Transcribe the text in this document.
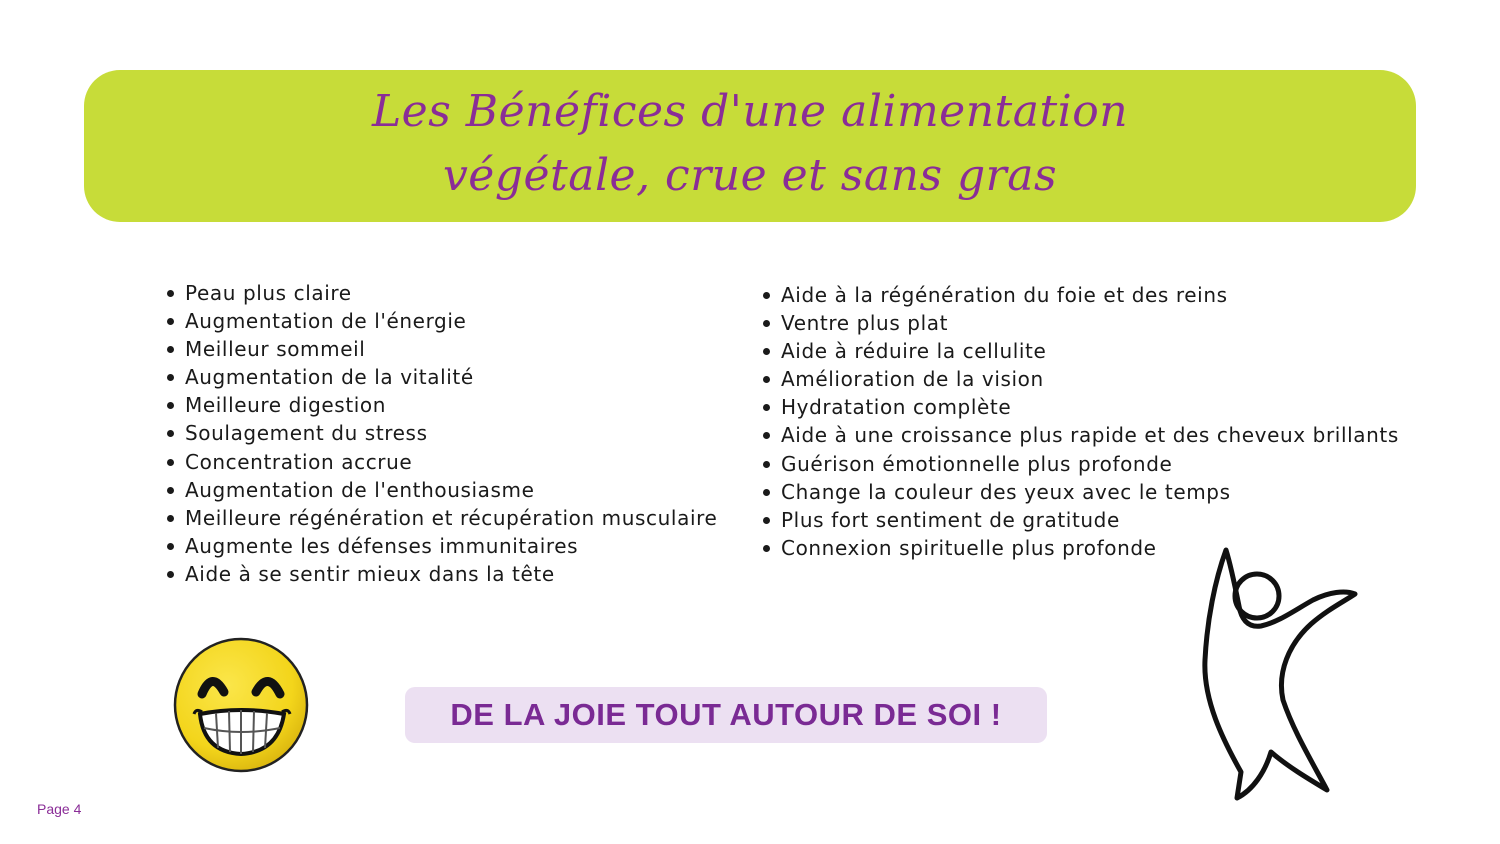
Les Bénéfices d'une alimentation
végétale, crue et sans gras
Peau plus claire
Augmentation de l'énergie
Meilleur sommeil
Augmentation de la vitalité
Meilleure digestion
Soulagement du stress
Concentration accrue
Augmentation de l'enthousiasme
Meilleure régénération et récupération musculaire
Augmente les défenses immunitaires
Aide à se sentir mieux dans la tête
Aide à la régénération du foie et des reins
Ventre plus plat
Aide à réduire la cellulite
Amélioration de la vision
Hydratation complète
Aide à une croissance plus rapide et des cheveux brillants
Guérison émotionnelle plus profonde
Change la couleur des yeux avec le temps
Plus fort sentiment de gratitude
Connexion spirituelle plus profonde
DE LA JOIE TOUT AUTOUR DE SOI !
Page 4
